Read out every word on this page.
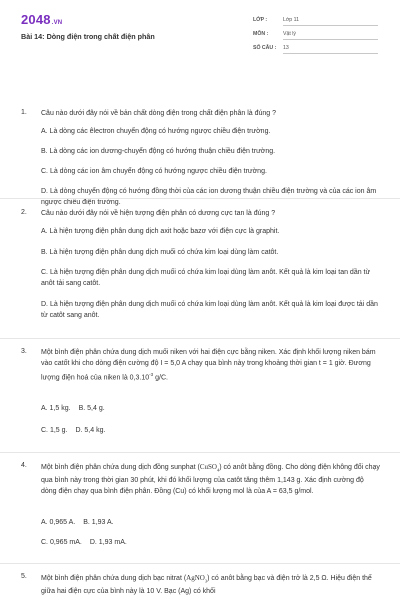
2048.VN
Bài 14: Dòng điện trong chất điện phân
LỚP :	Lớp 11
MÔN :	Vật lý
SỐ CÂU :	13
1. Câu nào dưới đây nói về bản chất dòng điện trong chất điện phân là đúng ?
A. Là dòng các êlectron chuyển động có hướng ngược chiều điện trường.
B. Là dòng các ion dương-chuyển động có hướng thuận chiều điện trường.
C. Là dòng các ion âm chuyển động có hướng ngược chiều điện trường.
D. Là dòng chuyển động có hướng đồng thời của các ion dương thuận chiều điện trường và của các ion âm ngược chiều điện trường.
2. Câu nào dưới đây nói về hiện tượng điện phân có dương cực tan là đúng ?
A. Là hiện tượng điện phân dung dịch axit hoặc bazơ với điện cực là graphit.
B. Là hiện tượng điện phân dung dịch muối có chứa kim loại dùng làm catôt.
C. Là hiện tượng điện phân dung dịch muối có chứa kim loại dùng làm anôt. Kết quả là kim loại tan dần từ anôt tải sang catôt.
D. Là hiện tượng điện phân dung dịch muối có chứa kim loại dùng làm anôt. Kết quả là kim loại được tải dần từ catôt sang anôt.
3. Một bình điện phân chứa dung dịch muối niken với hai điện cực bằng niken. Xác định khối lượng niken bám vào catốt khi cho dòng điện cường độ I = 5,0 A chạy qua bình này trong khoảng thời gian t = 1 giờ. Đương lượng điện hoá của niken là $0,3.10^{-3}$ g/C.
A. 1,5 kg. B. 5,4 g.
C. 1,5 g. D. 5,4 kg.
4. Một bình điện phân chứa dung dịch đồng sunphat (CuSO$_4$) có anôt bằng đồng. Cho dòng điện không đổi chạy qua bình này trong thời gian 30 phút, khi đó khối lượng của catôt tăng thêm 1,143 g. Xác định cường độ dòng điện chạy qua bình điện phân. Đồng (Cu) có khối lượng mol là của A = 63,5 g/mol.
A. 0,965 A. B. 1,93 A.
C. 0,965 mA. D. 1,93 mA.
5. Một bình điện phân chứa dung dịch bạc nitrat (AgNO$_3$) có anôt bằng bạc và điện trở là 2,5 Ω. Hiệu điện thế giữa hai điện cực của bình này là 10 V. Bạc (Ag) có khối
